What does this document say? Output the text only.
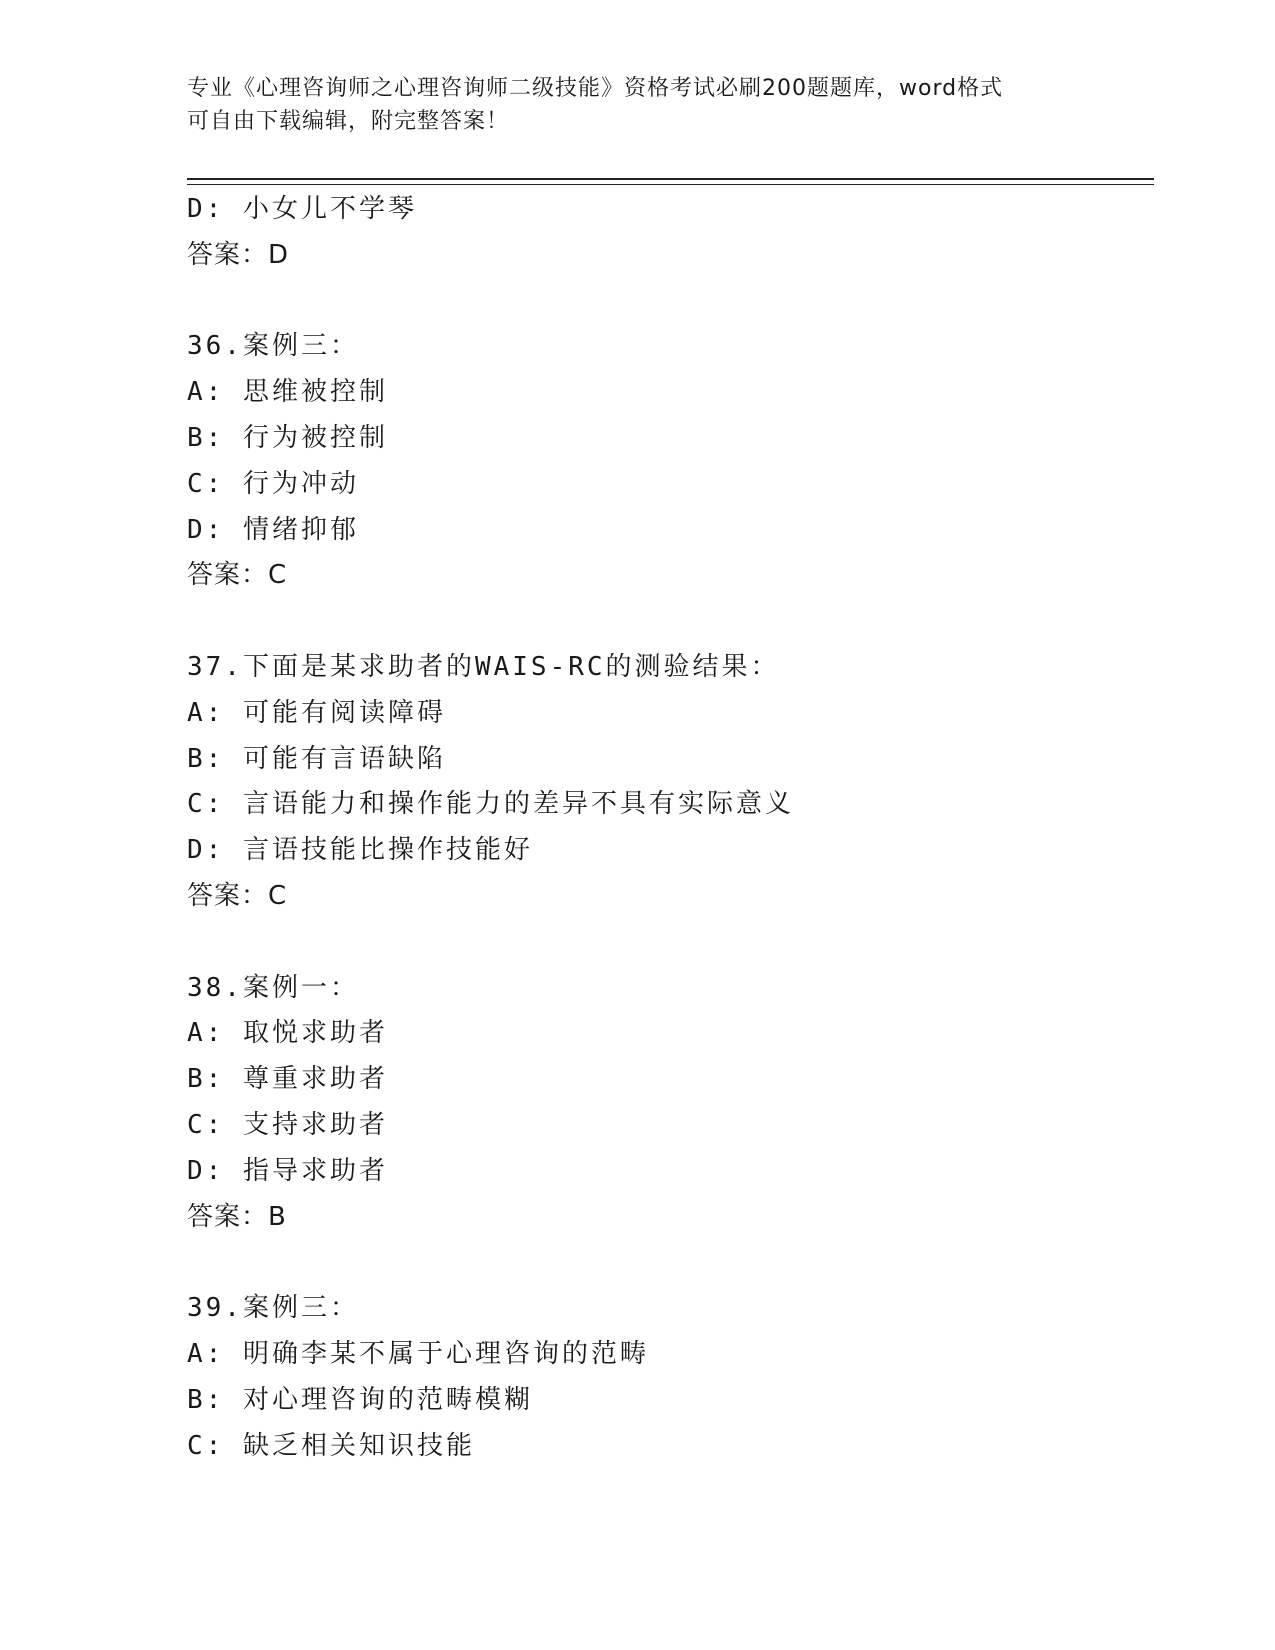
专业《心理咨询师之心理咨询师二级技能》资格考试必刷200题题库，word格式
可自由下载编辑，附完整答案！
D: 小女儿不学琴
答案：D
36.案例三：
A: 思维被控制
B: 行为被控制
C: 行为冲动
D: 情绪抑郁
答案：C
37.下面是某求助者的WAIS-RC的测验结果：
A: 可能有阅读障碍
B: 可能有言语缺陷
C: 言语能力和操作能力的差异不具有实际意义
D: 言语技能比操作技能好
答案：C
38.案例一：
A: 取悦求助者
B: 尊重求助者
C: 支持求助者
D: 指导求助者
答案：B
39.案例三：
A: 明确李某不属于心理咨询的范畴
B: 对心理咨询的范畴模糊
C: 缺乏相关知识技能
